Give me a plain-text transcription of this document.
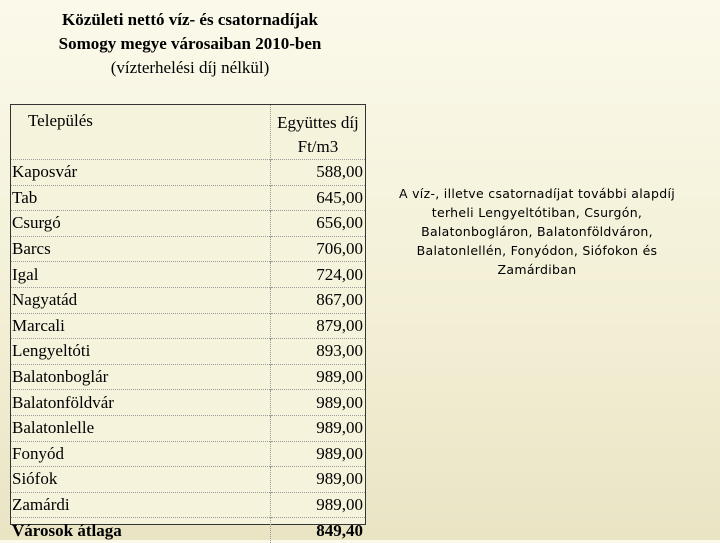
Közületi nettó víz- és csatornadíjak
Somogy megye városaiban 2010-ben
(vízterhelési díj nélkül)
Település	Együttes díj
Ft/m3
Kaposvár	588,00
Tab	645,00
Csurgó	656,00
Barcs	706,00
Igal	724,00
Nagyatád	867,00
Marcali	879,00
Lengyeltóti	893,00
Balatonboglár	989,00
Balatonföldvár	989,00
Balatonlelle	989,00
Fonyód	989,00
Siófok	989,00
Zamárdi	989,00
Városok átlaga	849,40
A víz-, illetve csatornadíjat további alapdíj
terheli Lengyeltótiban, Csurgón,
Balatonbogláron, Balatonföldváron,
Balatonlellén, Fonyódon, Siófokon és
Zamárdiban
